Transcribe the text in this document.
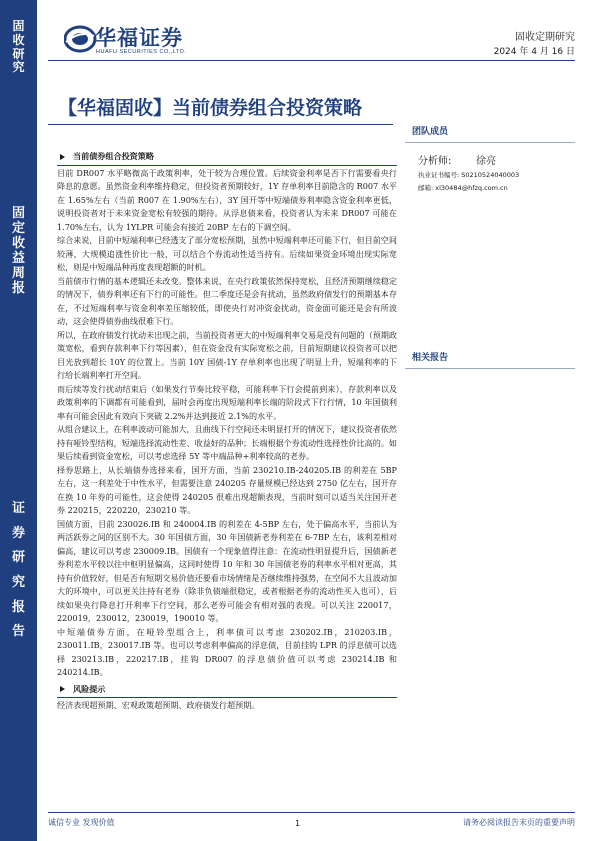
固
收
研
究
固
定
收
益
周
报
证
券
研
究
报
告
华福证券
HUAFU SECURITIES CO.,LTD.
固收定期研究
2024 年 4 月 16 日
【华福固收】当前债券组合投资策略
团队成员
分析师: 徐亮
执业证书编号: S0210524040003
邮箱: xl30484@hfzq.com.cn
相关报告
当前债券组合投资策略

目前 DR007 水平略微高于政策利率，处于较为合理位置。后续资金利率是否下行需要看央行降息的意愿。虽然资金利率维持稳定，但投资者预期较好，1Y 存单利率目前隐含的 R007 水平在 1.65%左右（当前 R007 在 1.90%左右），3Y 国开等中短端债券利率隐含资金利率更低，说明投资者对于未来资金宽松有较强的期待。从浮息债来看，投资者认为未来 DR007 可能在 1.70%左右，认为 1YLPR 可能会有接近 20BP 左右的下调空间。

综合来说，目前中短端利率已经透支了部分宽松预期，虽然中短端利率还可能下行，但目前空间较薄，大规模追涨性价比一般，可以结合个券流动性适当持有。后续如果资金环境出现实际宽松，则是中短端品种再度表现超额的时机。

当前债市行情的基本逻辑还未改变。整体来说，在央行政策依然保持宽松，且经济预期继续稳定的情况下，债券利率还有下行的可能性。但二季度还是会有扰动，虽然政府债发行的预期基本存在，不过短端利率与资金利率差压缩较低，即使央行对冲资金扰动，资金面可能还是会有所波动，这会使得债券曲线很难下行。

所以，在政府债发行扰动未出现之前，当前投资者更大的中短端利率交易是没有问题的（预期政策宽松，看到存款利率下行等因素），但在资金没有实际宽松之前，目前短期建议投资者可以把目光放到超长 10Y 的位置上。当前 10Y 国债-1Y 存单利率也出现了明显上升，短端利率的下行给长端利率打开空间。

而后续等发行扰动结束后（如果发行节奏比较平稳，可能利率下行会提前到来），存款利率以及政策利率的下调都有可能看到，届时会再度出现短端利率长端的阶段式下行行情，10 年国债利率有可能会因此有效向下突破 2.2%并达到接近 2.1%的水平。

从组合建议上，在利率波动可能加大，且曲线下行空间还未明显打开的情况下，建议投资者依然持有哑铃型结构，短端选择流动性差、收益好的品种；长端根据个券流动性选择性价比高的。如果后续看到资金宽松，可以考虑选择 5Y 等中端品种+利率较高的老券。

择券思路上，从长端债券选择来看，国开方面，当前 230210.IB-240205.IB 的利差在 5BP 左右，这一利差处于中性水平，但需要注意 240205 存量规模已经达到 2750 亿左右，国开存在换 10 年券的可能性，这会使得 240205 很难出现超额表现，当前时刻可以适当关注国开老券 220215，220220，230210 等。

国债方面，目前 230026.IB 和 240004.IB 的利差在 4-5BP 左右，处于偏高水平，当前认为两活跃券之间的区别不大。30 年国债方面，30 年国债新老券利差在 6-7BP 左右，该利差相对偏高，建议可以考虑 230009.IB。国债有一个现象值得注意：在流动性明显提升后，国债新老券利差水平较以往中枢明显偏高，这同时使得 10 年和 30 年国债老券的利率水平相对更高，其持有价值较好，但是否有短期交易价值还要看市场情绪是否继续维持强势，在空间不大且波动加大的环境中，可以更关注持有老券（除非负债端很稳定，或者根据老券的流动性买入也可），后续如果央行降息打开利率下行空间，那么老券可能会有相对强的表现。可以关注 220017，220019，230012，230019，190010 等。

中短端债券方面，在哑铃型组合上，利率债可以考虑 230202.IB，210203.IB，230011.IB，230017.IB 等。也可以考虑利率偏高的浮息债，目前挂钩 LPR 的浮息债可以选择 230213.IB，220217.IB，挂钩 DR007 的浮息债价值可以考虑 230214.IB 和 240214.IB。

风险提示

经济表现超预期、宏观政策超预期、政府债发行超预期。

诚信专业 发现价值	1	请务必阅读报告末页的重要声明
